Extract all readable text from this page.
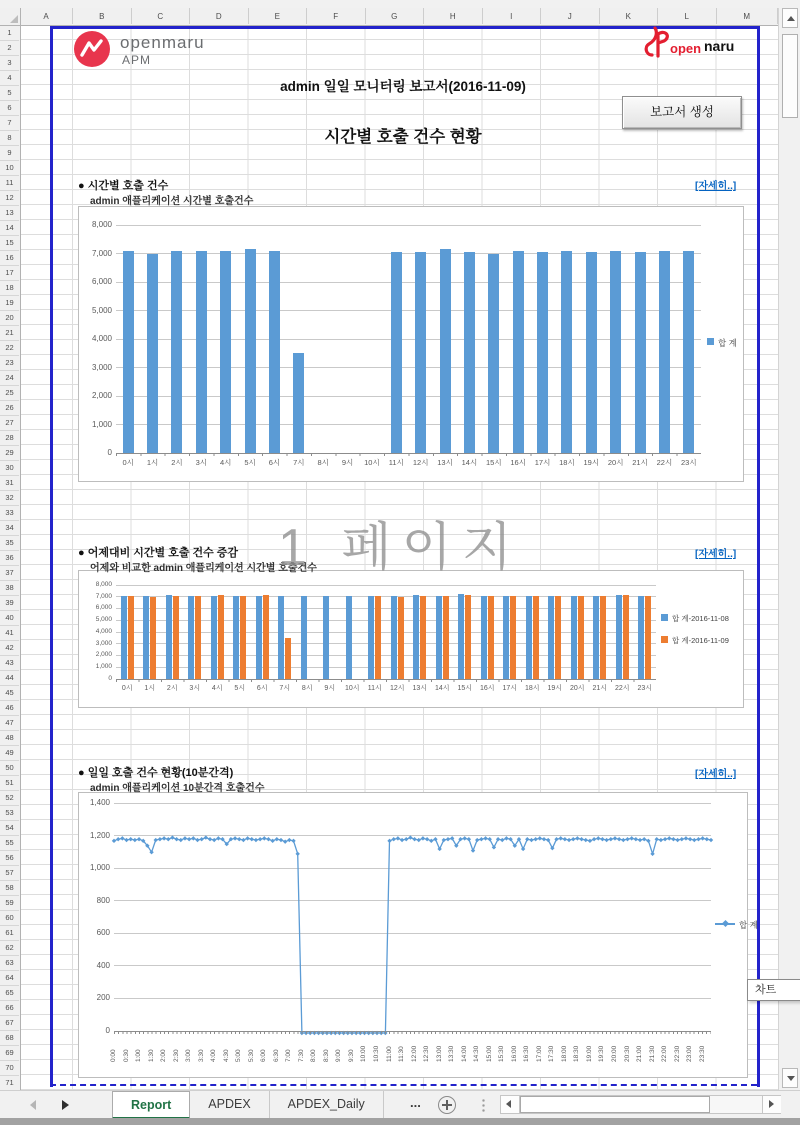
A	B	C	D	E	F	G	H	I	J	K	L	M
1
2
3
4
5
6
7
8
9
10
11
12
13
14
15
16
17
18
19
20
21
22
23
24
25
26
27
28
29
30
31
32
33
34
35
36
37
38
39
40
41
42
43
44
45
46
47
48
49
50
51
52
53
54
55
56
57
58
59
60
61
62
63
64
65
66
67
68
69
70
71
openmaru
APM
open naru
admin 일일 모니터링 보고서(2016-11-09)
보고서 생성
시간별 호출 건수 현황
● 시간별 호출 건수
admin 애플리케이션 시간별 호출건수
[자세히..]
● 어제대비 시간별 호출 건수 증감
어제와 비교한 admin 애플리케이션 시간별 호출건수
[자세히..]
● 일일 호출 건수 현황(10분간격)
admin 애플리케이션 10분간격 호출건수
[자세히..]
0
1,000
2,000
3,000
4,000
5,000
6,000
7,000
8,000
0시	1시	2시	3시	4시	5시	6시	7시	8시	9시	10시	11시	12시	13시	14시	15시	16시	17시	18시	19시	20시	21시	22시	23시
합 계
0
1,000
2,000
3,000
4,000
5,000
6,000
7,000
8,000
0시	1시	2시	3시	4시	5시	6시	7시	8시	9시	10시	11시	12시	13시	14시	15시	16시	17시	18시	19시	20시	21시	22시	23시
합 계-2016-11-08
합 계-2016-11-09
0
200
400
600
800
1,000
1,200
1,400
0:00 0:30 1:00 1:30 2:00 2:30 3:00 3:30 4:00 4:30 5:00 5:30 6:00 6:30 7:00 7:30 8:00 8:30 9:00 9:30 10:00 10:30 11:00 11:30 12:00 12:30 13:00 13:30 14:00 14:30 15:00 15:30 16:00 16:30 17:00 17:30 18:00 18:30 19:00 19:30 20:00 20:30 21:00 21:30 22:00 22:30 23:00 23:30
합 계
1 페이지
차트
Report	APDEX	APDEX_Daily	...
